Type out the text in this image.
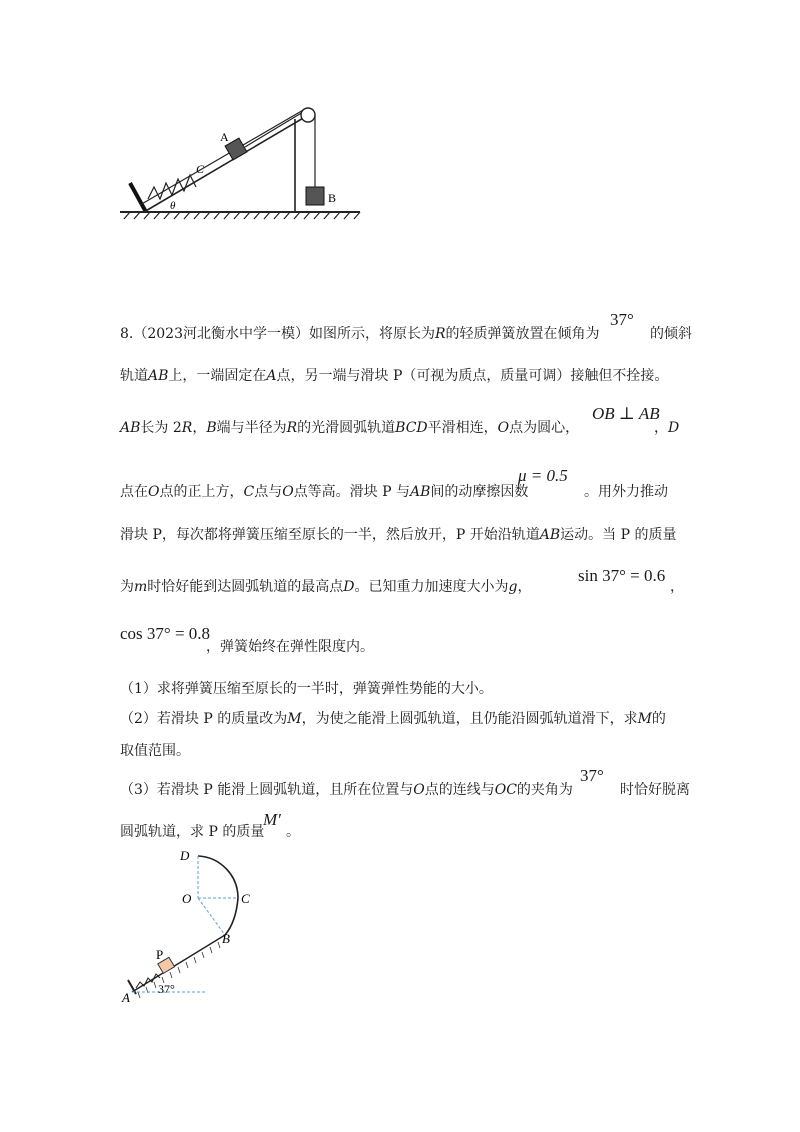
A
B
C
θ
8.（2023河北衡水中学一模）如图所示，将原长为R的轻质弹簧放置在倾角为
37°
的倾斜
轨道AB上，一端固定在A点，另一端与滑块 P（可视为质点，质量可调）接触但不拴接。
AB长为 2R，B端与半径为R的光滑圆弧轨道BCD平滑相连，O点为圆心，
OB ⊥ AB
，D
点在O点的正上方，C点与O点等高。滑块 P 与AB间的动摩擦因数
μ = 0.5
。用外力推动
滑块 P，每次都将弹簧压缩至原长的一半，然后放开，P 开始沿轨道AB运动。当 P 的质量
为m时恰好能到达圆弧轨道的最高点D。已知重力加速度大小为g，
sin 37° = 0.6
，
cos 37° = 0.8
，弹簧始终在弹性限度内。
（1）求将弹簧压缩至原长的一半时，弹簧弹性势能的大小。
（2）若滑块 P 的质量改为M，为使之能滑上圆弧轨道，且仍能沿圆弧轨道滑下，求M的
取值范围。
（3）若滑块 P 能滑上圆弧轨道，且所在位置与O点的连线与OC的夹角为
37°
时恰好脱离
圆弧轨道，求 P 的质量
M′
。
D
O	C
B
P
A
37°
